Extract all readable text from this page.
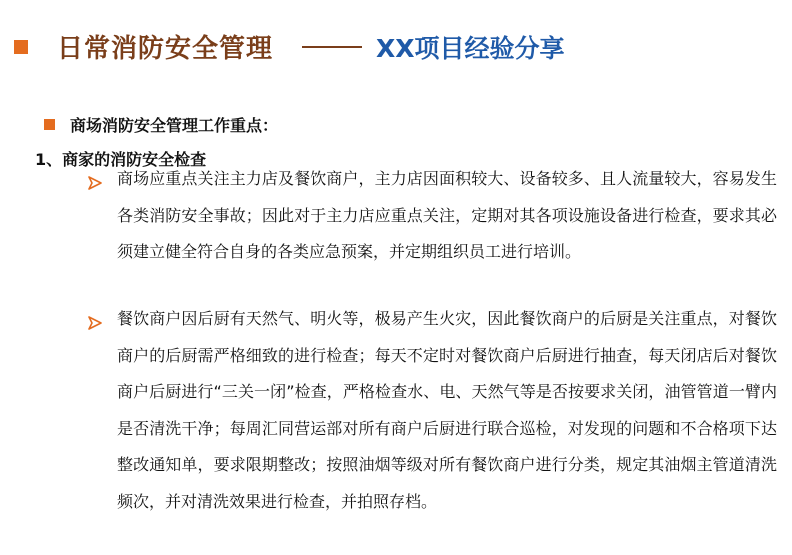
日常消防安全管理	XX项目经验分享
商场消防安全管理工作重点：
1、商家的消防安全检查
商场应重点关注主力店及餐饮商户，主力店因面积较大、设备较多、且人流量较大，容易发生各类消防安全事故；因此对于主力店应重点关注，定期对其各项设施设备进行检查，要求其必须建立健全符合自身的各类应急预案，并定期组织员工进行培训。
餐饮商户因后厨有天然气、明火等，极易产生火灾，因此餐饮商户的后厨是关注重点，对餐饮商户的后厨需严格细致的进行检查；每天不定时对餐饮商户后厨进行抽查，每天闭店后对餐饮商户后厨进行“三关一闭”检查，严格检查水、电、天然气等是否按要求关闭，油管管道一臂内是否清洗干净；每周汇同营运部对所有商户后厨进行联合巡检，对发现的问题和不合格项下达整改通知单，要求限期整改；按照油烟等级对所有餐饮商户进行分类，规定其油烟主管道清洗频次，并对清洗效果进行检查，并拍照存档。
